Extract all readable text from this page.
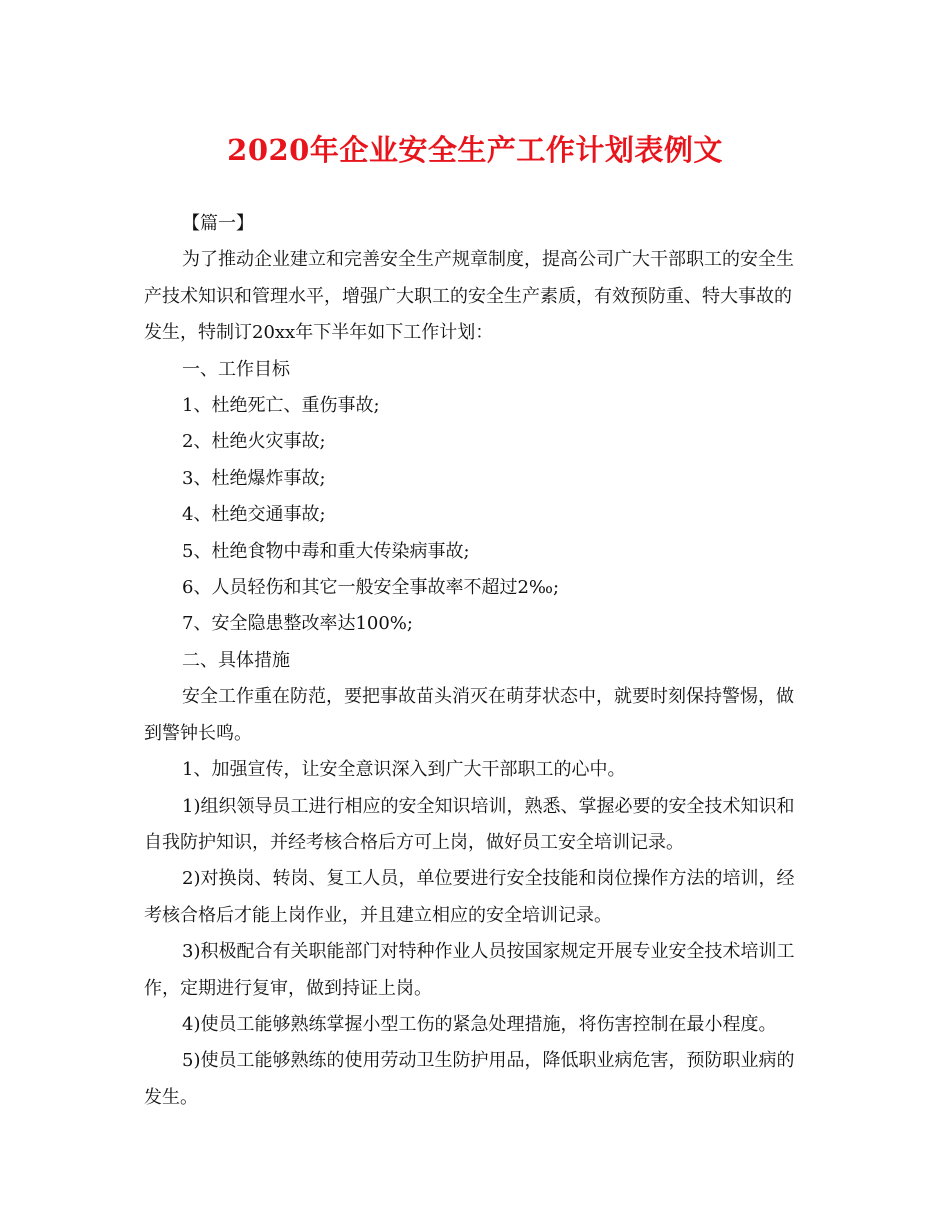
2020年企业安全生产工作计划表例文

【篇一】

为了推动企业建立和完善安全生产规章制度，提高公司广大干部职工的安全生产技术知识和管理水平，增强广大职工的安全生产素质，有效预防重、特大事故的发生，特制订20xx年下半年如下工作计划：

一、工作目标

1、杜绝死亡、重伤事故;

2、杜绝火灾事故;

3、杜绝爆炸事故;

4、杜绝交通事故;

5、杜绝食物中毒和重大传染病事故;

6、人员轻伤和其它一般安全事故率不超过2‰;

7、安全隐患整改率达100%;

二、具体措施

安全工作重在防范，要把事故苗头消灭在萌芽状态中，就要时刻保持警惕，做到警钟长鸣。

1、加强宣传，让安全意识深入到广大干部职工的心中。

1)组织领导员工进行相应的安全知识培训，熟悉、掌握必要的安全技术知识和自我防护知识，并经考核合格后方可上岗，做好员工安全培训记录。

2)对换岗、转岗、复工人员，单位要进行安全技能和岗位操作方法的培训，经考核合格后才能上岗作业，并且建立相应的安全培训记录。

3)积极配合有关职能部门对特种作业人员按国家规定开展专业安全技术培训工作，定期进行复审，做到持证上岗。

4)使员工能够熟练掌握小型工伤的紧急处理措施，将伤害控制在最小程度。

5)使员工能够熟练的使用劳动卫生防护用品，降低职业病危害，预防职业病的发生。
